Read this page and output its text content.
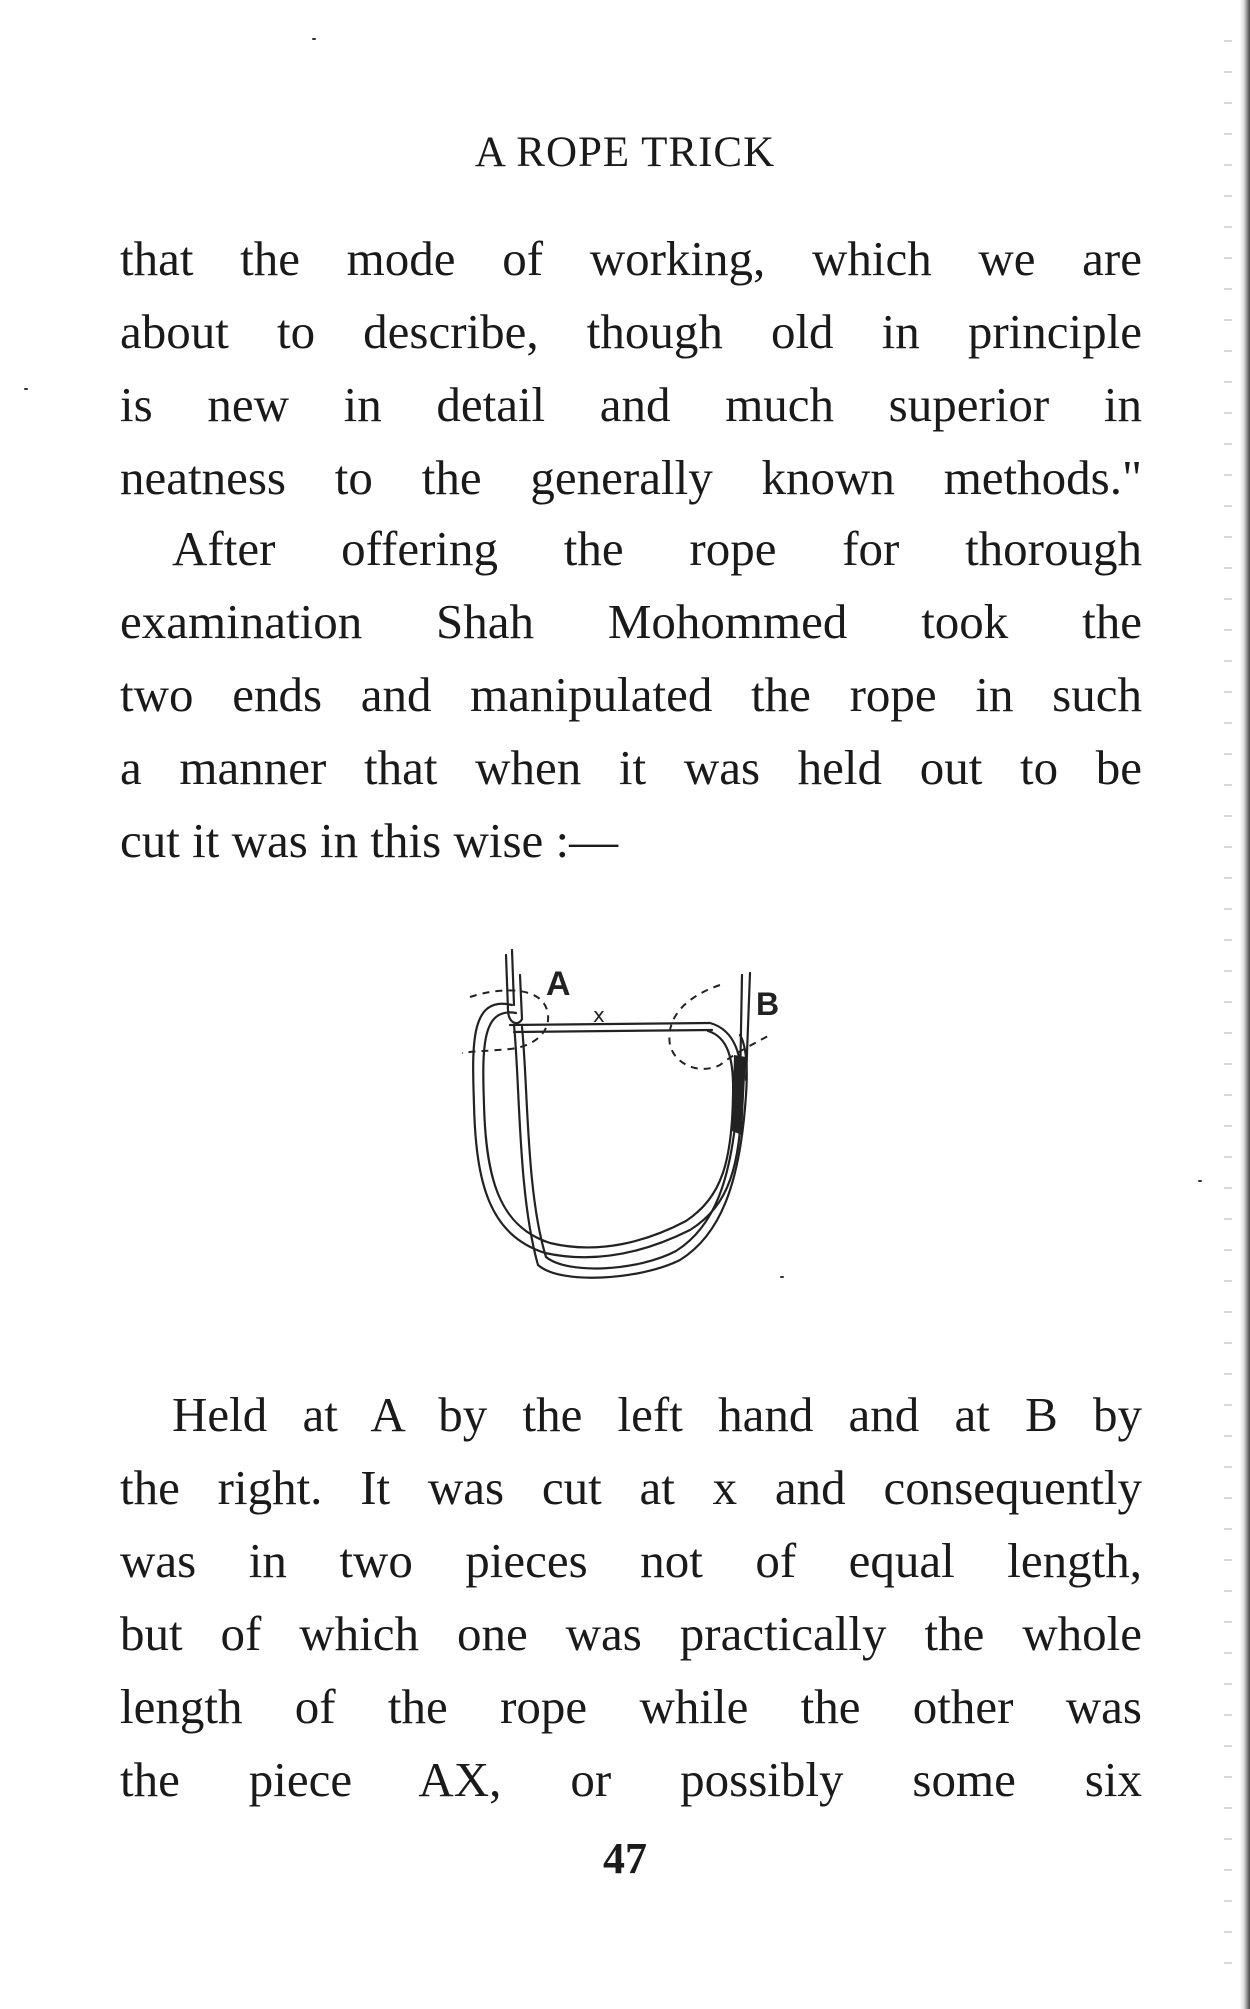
A ROPE TRICK
that the mode of working, which we are
about to describe, though old in principle
is new in detail and much superior in
neatness to the generally known methods."
After offering the rope for thorough
examination Shah Mohommed took the
two ends and manipulated the rope in such
a manner that when it was held out to be
cut it was in this wise :—
x
A
B
Held at A by the left hand and at B by
the right. It was cut at x and consequently
was in two pieces not of equal length,
but of which one was practically the whole
length of the rope while the other was
the piece AX, or possibly some six
47
